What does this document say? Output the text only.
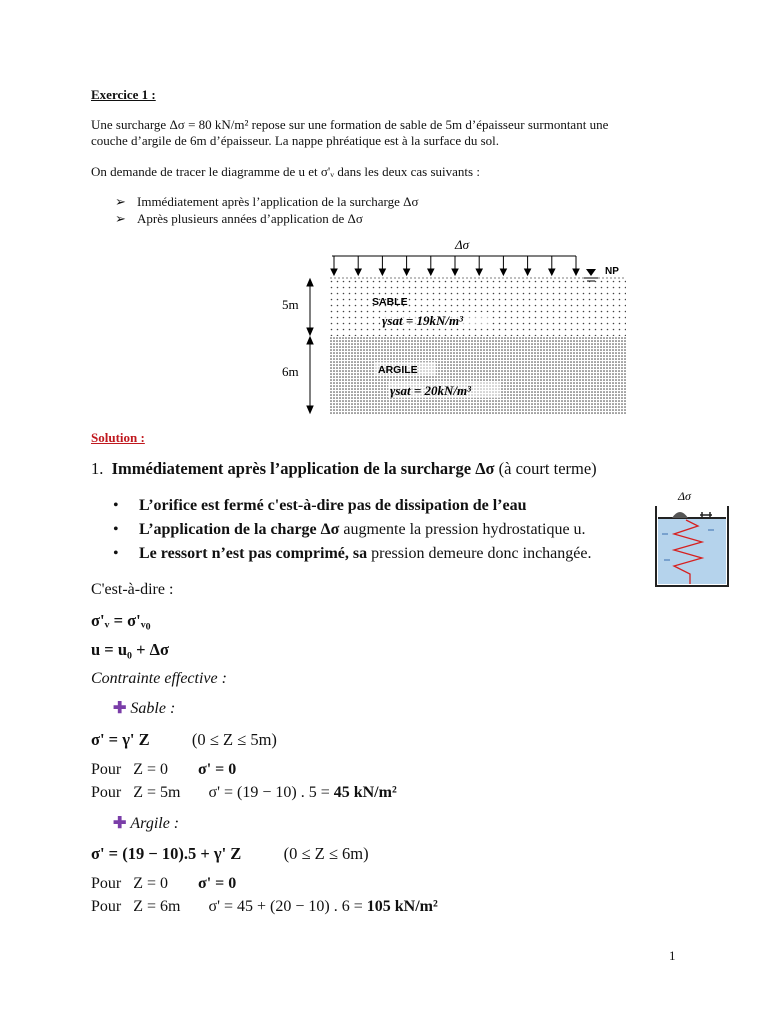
Exercice 1 :
Une surcharge Δσ = 80 kN/m² repose sur une formation de sable de 5m d’épaisseur surmontant une
couche d’argile de 6m d’épaisseur. La nappe phréatique est à la surface du sol.
On demande de tracer le diagramme de u et σ'ᵥ dans les deux cas suivants :
➢ Immédiatement après l’application de la surcharge Δσ
➢ Après plusieurs années d’application de Δσ
NP
Δσ
5m
6m
SABLE
γsat = 19kN/m³
ARGILE
γsat = 20kN/m³
Solution :
1. Immédiatement après l’application de la surcharge Δσ (à court terme)
• L’orifice est fermé c'est-à-dire pas de dissipation de l’eau
• L’application de la charge Δσ augmente la pression hydrostatique u.
• Le ressort n’est pas comprimé, sa pression demeure donc inchangée.
Δσ
C'est-à-dire :
σ'ᵥ = σ'ᵥ₀
u = u₀ + Δσ
Contrainte effective :
✚ Sable :
σ' = γ' Z	(0 ≤ Z ≤ 5m)
Pour Z = 0 σ' = 0
Pour Z = 5m σ' = (19 − 10) . 5 = 45 kN/m²
✚ Argile :
σ' = (19 − 10).5 + γ' Z	(0 ≤ Z ≤ 6m)
Pour Z = 0 σ' = 0
Pour Z = 6m σ' = 45 + (20 − 10) . 6 = 105 kN/m²
1
